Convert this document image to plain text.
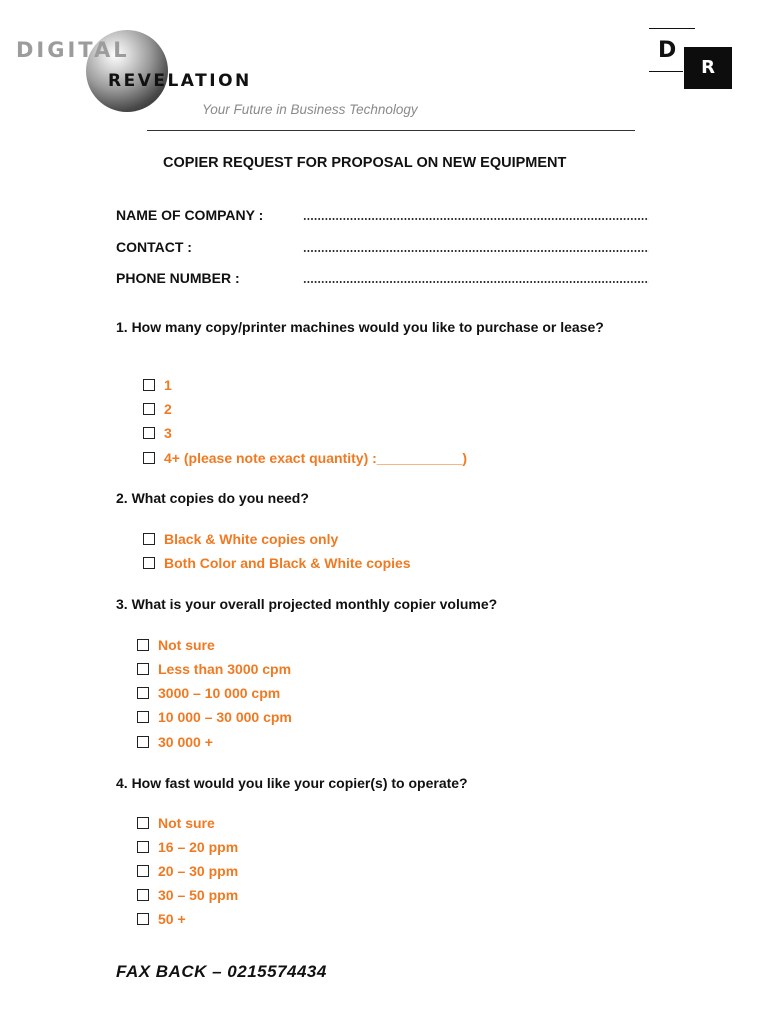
DIGITAL
REVELATION
Your Future in Business Technology
D
R
COPIER REQUEST FOR PROPOSAL ON NEW EQUIPMENT
NAME OF COMPANY :
CONTACT :
PHONE NUMBER :
1. How many copy/printer machines would you like to purchase or lease?
1
2
3
4+ (please note exact quantity) :___________)
2. What copies do you need?
Black & White copies only
Both Color and Black & White copies
3. What is your overall projected monthly copier volume?
Not sure
Less than 3000 cpm
3000 – 10 000 cpm
10 000 – 30 000 cpm
30 000 +
4. How fast would you like your copier(s) to operate?
Not sure
16 – 20 ppm
20 – 30 ppm
30 – 50 ppm
50 +
FAX BACK – 0215574434
